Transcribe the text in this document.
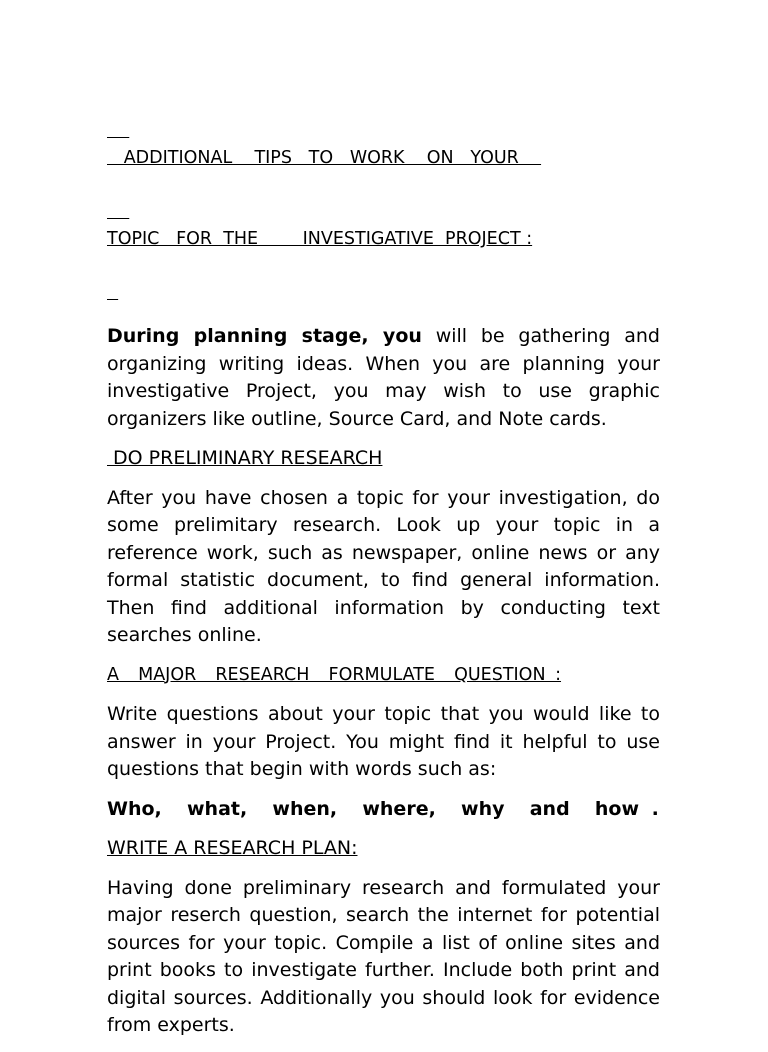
ADDITIONAL    TIPS   TO   WORK    ON   YOUR

TOPIC   FOR  THE        INVESTIGATIVE  PROJECT :

During planning stage, you will be gathering and organizing writing ideas. When you are planning your investigative Project, you may wish to use graphic organizers like outline, Source Card, and Note cards.

DO PRELIMINARY RESEARCH

After you have chosen a topic for your investigation, do some prelimitary research. Look up your topic in a reference work, such as newspaper, online news or any formal statistic document, to find general information. Then find additional information by conducting text searches online.

A  MAJOR  RESEARCH  FORMULATE  QUESTION :

Write questions about your topic that you would like to answer in your Project. You might find it helpful to use questions that begin with words such as:

Who,  what,  when,  where,  why  and  how .

WRITE A RESEARCH PLAN:

Having done preliminary research and formulated your major reserch question, search the internet for potential sources for your topic. Compile a list of online sites and print books to investigate further. Include both print and digital sources. Additionally you should look for evidence from experts.
